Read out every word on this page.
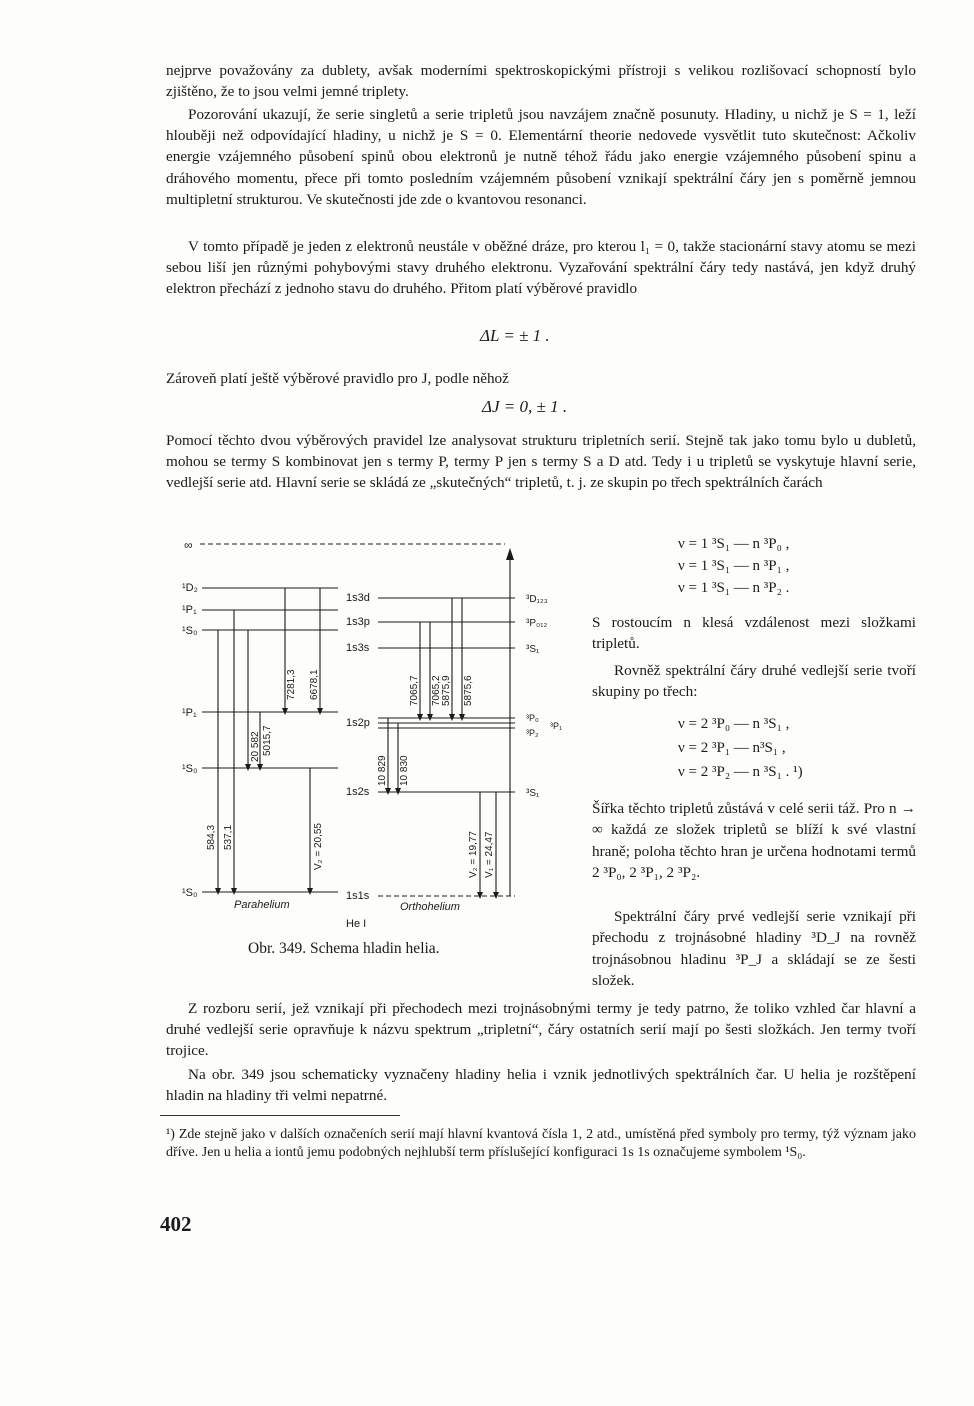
nejprve považovány za dublety, avšak moderními spektroskopickými přístroji s velikou rozlišovací schopností bylo zjištěno, že to jsou velmi jemné triplety.

Pozorování ukazují, že serie singletů a serie tripletů jsou navzájem značně posunuty. Hladiny, u nichž je S = 1, leží hlouběji než odpovídající hladiny, u nichž je S = 0. Elementární theorie nedovede vysvětlit tuto skutečnost: Ačkoliv energie vzájemného působení spinů obou elektronů je nutně téhož řádu jako energie vzájemného působení spinu a dráhového momentu, přece při tomto posledním vzájemném působení vznikají spektrální čáry jen s poměrně jemnou multipletní strukturou. Ve skutečnosti jde zde o kvantovou resonanci.

V tomto případě je jeden z elektronů neustále v oběžné dráze, pro kterou l₁ = 0, takže stacionární stavy atomu se mezi sebou liší jen různými pohybovými stavy druhého elektronu. Vyzařování spektrální čáry tedy nastává, jen když druhý elektron přechází z jednoho stavu do druhého. Přitom platí výběrové pravidlo

ΔL = ± 1 .

Zároveň platí ještě výběrové pravidlo pro J, podle něhož

ΔJ = 0, ± 1 .

Pomocí těchto dvou výběrových pravidel lze analysovat strukturu tripletních serií. Stejně tak jako tomu bylo u dubletů, mohou se termy S kombinovat jen s termy P, termy P jen s termy S a D atd. Tedy i u tripletů se vyskytuje hlavní serie, vedlejší serie atd. Hlavní serie se skládá ze „skutečných“ tripletů, t. j. ze skupin po třech spektrálních čarách

ν = 1 ³S₁ — n ³P₀ ,
ν = 1 ³S₁ — n ³P₁ ,
ν = 1 ³S₁ — n ³P₂ .

S rostoucím n klesá vzdálenost mezi složkami tripletů.

Rovněž spektrální čáry druhé vedlejší serie tvoří skupiny po třech:

ν = 2 ³P₀ — n ³S₁ ,
ν = 2 ³P₁ — n³S₁ ,
ν = 2 ³P₂ — n ³S₁ . ¹)

Šířka těchto tripletů zůstává v celé serii táž. Pro n → ∞ každá ze složek tripletů se blíží k své vlastní hraně; poloha těchto hran je určena hodnotami termů 2 ³P₀, 2 ³P₁, 2 ³P₂.

Spektrální čáry prvé vedlejší serie vznikají při přechodu z trojnásobné hladiny ³D_J na rovněž trojnásobnou hladinu ³P_J a skládají se ze šesti složek.

∞
¹D₂
¹P₁
¹S₀
¹P₁
¹S₀
¹S₀
1s3d
1s3p
1s3s
1s2p
1s2s
1s1s
³D₁₂₃
³P₀₁₂
³S₁
³P₀
³P₁
³P₂
³S₁
7281,3 6678,1
20 582 5015,7
584,3 537,1	V₂ = 20,55
7065,7 7065,2 5875,9 5875,6
10 829 10 830
V₂ = 19,77 V₁ = 24,47
Parahelium	Orthohelium
He I
Obr. 349. Schema hladin helia.

Z rozboru serií, jež vznikají při přechodech mezi trojnásobnými termy je tedy patrno, že toliko vzhled čar hlavní a druhé vedlejší serie opravňuje k názvu spektrum „tripletní“, čáry ostatních serií mají po šesti složkách. Jen termy tvoří trojice.

Na obr. 349 jsou schematicky vyznačeny hladiny helia i vznik jednotlivých spektrálních čar. U helia je rozštěpení hladin na hladiny tři velmi nepatrné.

¹) Zde stejně jako v dalších označeních serií mají hlavní kvantová čísla 1, 2 atd., umístěná před symboly pro termy, týž význam jako dříve. Jen u helia a iontů jemu podobných nejhlubší term příslušející konfiguraci 1s 1s označujeme symbolem ¹S₀.

402
